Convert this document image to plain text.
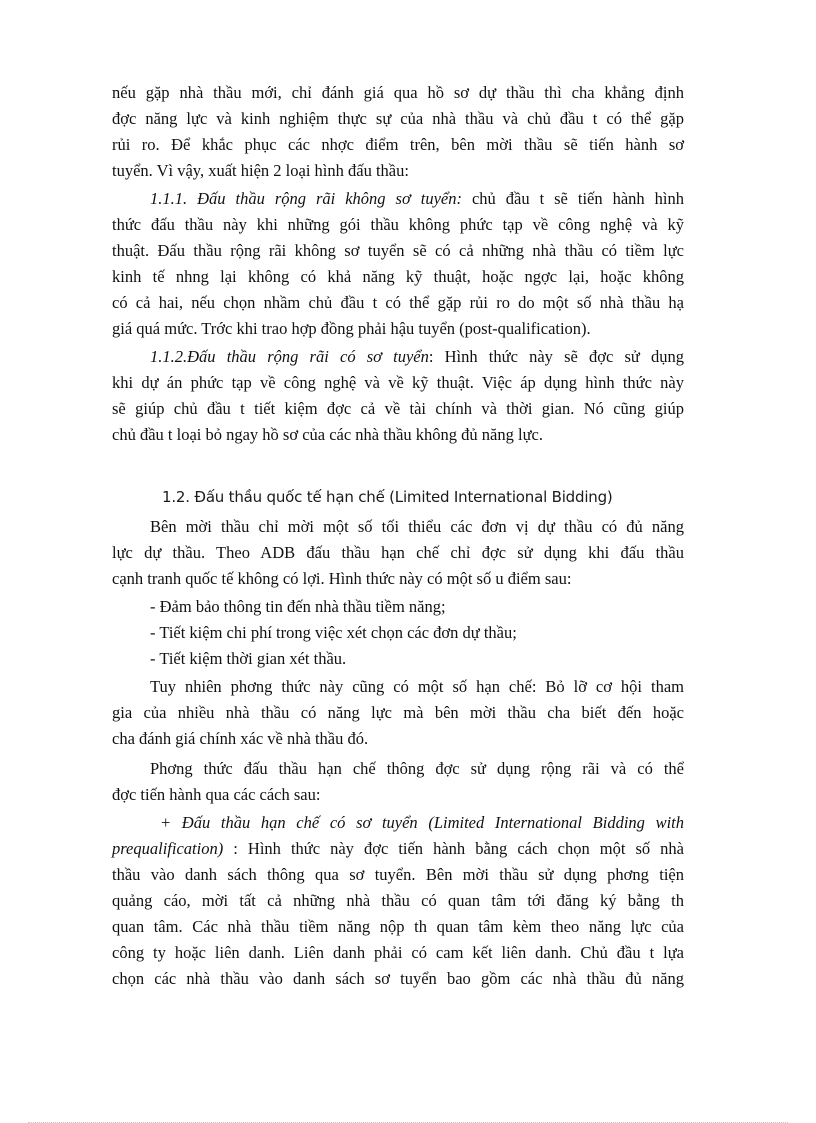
nếu gặp nhà thầu mới, chỉ đánh giá qua hồ sơ dự thầu thì cha khẳng định
đợc năng lực và kinh nghiệm thực sự của nhà thầu và chủ đầu t có thể gặp
rủi ro. Để khắc phục các nhợc điểm trên, bên mời thầu sẽ tiến hành sơ
tuyển. Vì vậy, xuất hiện 2 loại hình đấu thầu:
1.1.1. Đấu thầu rộng rãi không sơ tuyển: chủ đầu t sẽ tiến hành hình
thức đấu thầu này khi những gói thầu không phức tạp về công nghệ và kỹ
thuật. Đấu thầu rộng rãi không sơ tuyển sẽ có cả những nhà thầu có tiềm lực
kinh tế nhng lại không có khả năng kỹ thuật, hoặc ngợc lại, hoặc không
có cả hai, nếu chọn nhầm chủ đầu t có thể gặp rủi ro do một số nhà thầu hạ
giá quá mức. Trớc khi trao hợp đồng phải hậu tuyển (post-qualification).
1.1.2.Đấu thầu rộng rãi có sơ tuyển: Hình thức này sẽ đợc sử dụng
khi dự án phức tạp về công nghệ và về kỹ thuật. Việc áp dụng hình thức này
sẽ giúp chủ đầu t tiết kiệm đợc cả về tài chính và thời gian. Nó cũng giúp
chủ đầu t loại bỏ ngay hồ sơ của các nhà thầu không đủ năng lực.
1.2. Đấu thầu quốc tế hạn chế (Limited International Bidding)
Bên mời thầu chỉ mời một số tối thiểu các đơn vị dự thầu có đủ năng
lực dự thầu. Theo ADB đấu thầu hạn chế chỉ đợc sử dụng khi đấu thầu
cạnh tranh quốc tế không có lợi. Hình thức này có một số u điểm sau:
- Đảm bảo thông tin đến nhà thầu tiềm năng;
- Tiết kiệm chi phí trong việc xét chọn các đơn dự thầu;
- Tiết kiệm thời gian xét thầu.
Tuy nhiên phơng thức này cũng có một số hạn chế: Bỏ lỡ cơ hội tham
gia của nhiều nhà thầu có năng lực mà bên mời thầu cha biết đến hoặc
cha đánh giá chính xác về nhà thầu đó.
Phơng thức đấu thầu hạn chế thông đợc sử dụng rộng rãi và có thể
đợc tiến hành qua các cách sau:
+ Đấu thầu hạn chế có sơ tuyển (Limited International Bidding with
prequalification) : Hình thức này đợc tiến hành bằng cách chọn một số nhà
thầu vào danh sách thông qua sơ tuyển. Bên mời thầu sử dụng phơng tiện
quảng cáo, mời tất cả những nhà thầu có quan tâm tới đăng ký bằng th
quan tâm. Các nhà thầu tiềm năng nộp th quan tâm kèm theo năng lực của
công ty hoặc liên danh. Liên danh phải có cam kết liên danh. Chủ đầu t lựa
chọn các nhà thầu vào danh sách sơ tuyển bao gồm các nhà thầu đủ năng
